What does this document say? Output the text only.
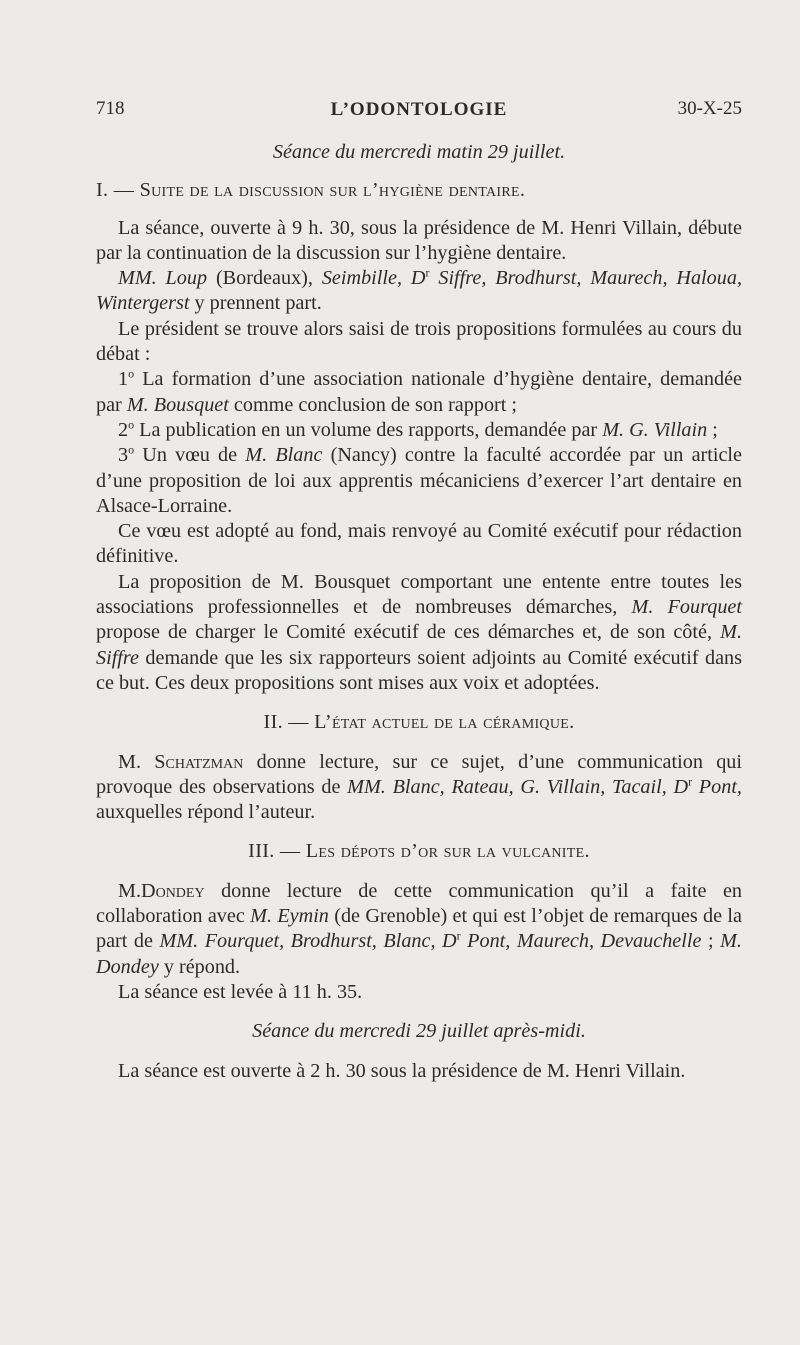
718	L’ODONTOLOGIE	30-X-25

Séance du mercredi matin 29 juillet.

I. — Suite de la discussion sur l’hygiène dentaire.

La séance, ouverte à 9 h. 30, sous la présidence de M. Henri Villain, débute par la continuation de la discussion sur l’hygiène dentaire.

MM. Loup (Bordeaux), Seimbille, $D^r$ Siffre, Brodhurst, Maurech, Haloua, Wintergerst y prennent part.

Le président se trouve alors saisi de trois propositions formulées au cours du débat :

1$^o$ La formation d’une association nationale d’hygiène dentaire, demandée par M. Bousquet comme conclusion de son rapport ;

2$^o$ La publication en un volume des rapports, demandée par M. G. Villain ;

3$^o$ Un vœu de M. Blanc (Nancy) contre la faculté accordée par un article d’une proposition de loi aux apprentis mécaniciens d’exercer l’art dentaire en Alsace-Lorraine.

Ce vœu est adopté au fond, mais renvoyé au Comité exécutif pour rédaction définitive.

La proposition de M. Bousquet comportant une entente entre toutes les associations professionnelles et de nombreuses démarches, M. Fourquet propose de charger le Comité exécutif de ces démarches et, de son côté, M. Siffre demande que les six rapporteurs soient adjoints au Comité exécutif dans ce but. Ces deux propositions sont mises aux voix et adoptées.

II. — L’état actuel de la céramique.

M. Schatzman donne lecture, sur ce sujet, d’une communication qui provoque des observations de MM. Blanc, Rateau, G. Villain, Tacail, $D^r$ Pont, auxquelles répond l’auteur.

III. — Les dépots d’or sur la vulcanite.

M.Dondey donne lecture de cette communication qu’il a faite en collaboration avec M. Eymin (de Grenoble) et qui est l’objet de remarques de la part de MM. Fourquet, Brodhurst, Blanc, $D^r$ Pont, Maurech, Devauchelle ; M. Dondey y répond.

La séance est levée à 11 h. 35.

Séance du mercredi 29 juillet après-midi.

La séance est ouverte à 2 h. 30 sous la présidence de M. Henri Villain.
